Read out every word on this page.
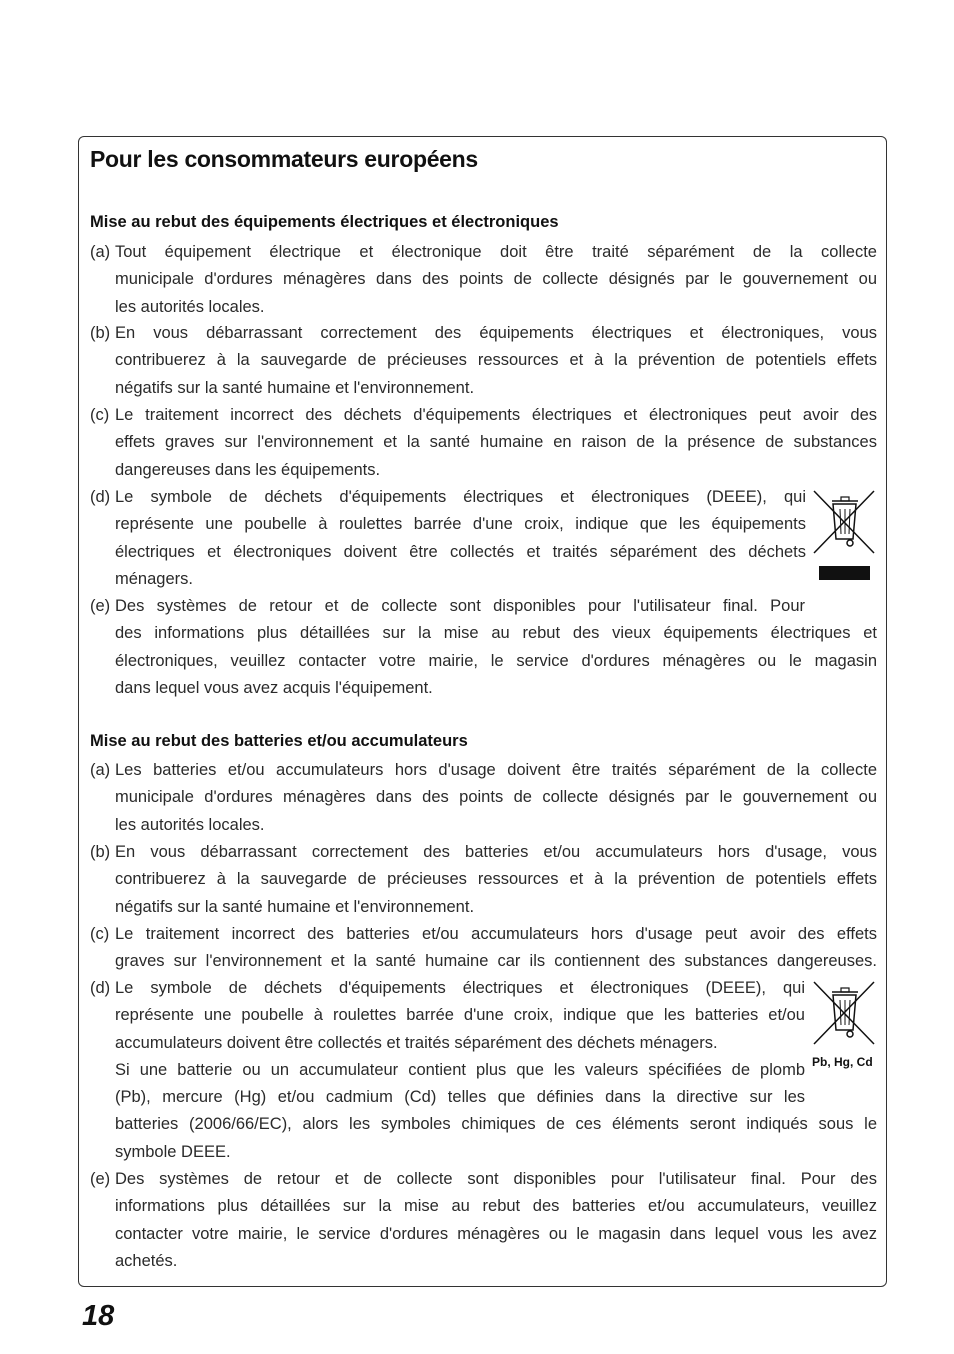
Pour les consommateurs européens
Mise au rebut des équipements électriques et électroniques
(a) Tout équipement électrique et électronique doit être traité séparément de la collecte
municipale d'ordures ménagères dans des points de collecte désignés par le gouvernement ou
les autorités locales.
(b) En vous débarrassant correctement des équipements électriques et électroniques, vous
contribuerez à la sauvegarde de précieuses ressources et à la prévention de potentiels effets
négatifs sur la santé humaine et l'environnement.
(c) Le traitement incorrect des déchets d'équipements électriques et électroniques peut avoir des
effets graves sur l'environnement et la santé humaine en raison de la présence de substances
dangereuses dans les équipements.
(d) Le symbole de déchets d'équipements électriques et électroniques (DEEE), qui
représente une poubelle à roulettes barrée d'une croix, indique que les équipements
électriques et électroniques doivent être collectés et traités séparément des déchets
ménagers.
(e) Des systèmes de retour et de collecte sont disponibles pour l'utilisateur final. Pour
des informations plus détaillées sur la mise au rebut des vieux équipements électriques et
électroniques, veuillez contacter votre mairie, le service d'ordures ménagères ou le magasin
dans lequel vous avez acquis l'équipement.
Mise au rebut des batteries et/ou accumulateurs
(a) Les batteries et/ou accumulateurs hors d'usage doivent être traités séparément de la collecte
municipale d'ordures ménagères dans des points de collecte désignés par le gouvernement ou
les autorités locales.
(b) En vous débarrassant correctement des batteries et/ou accumulateurs hors d'usage, vous
contribuerez à la sauvegarde de précieuses ressources et à la prévention de potentiels effets
négatifs sur la santé humaine et l'environnement.
(c) Le traitement incorrect des batteries et/ou accumulateurs hors d'usage peut avoir des effets
graves sur l'environnement et la santé humaine car ils contiennent des substances dangereuses.
(d) Le symbole de déchets d'équipements électriques et électroniques (DEEE), qui
représente une poubelle à roulettes barrée d'une croix, indique que les batteries et/ou
accumulateurs doivent être collectés et traités séparément des déchets ménagers.
Si une batterie ou un accumulateur contient plus que les valeurs spécifiées de plomb
(Pb), mercure (Hg) et/ou cadmium (Cd) telles que définies dans la directive sur les
batteries (2006/66/EC), alors les symboles chimiques de ces éléments seront indiqués sous le
symbole DEEE.
Pb, Hg, Cd
(e) Des systèmes de retour et de collecte sont disponibles pour l'utilisateur final. Pour des
informations plus détaillées sur la mise au rebut des batteries et/ou accumulateurs, veuillez
contacter votre mairie, le service d'ordures ménagères ou le magasin dans lequel vous les avez
achetés.
18
